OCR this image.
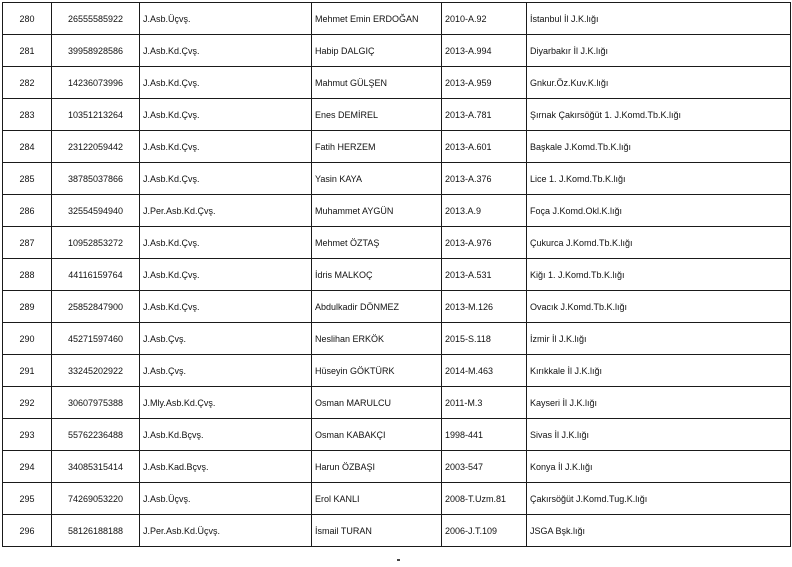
280	26555585922	J.Asb.Üçvş.	Mehmet Emin ERDOĞAN	2010-A.92	İstanbul İl J.K.lığı
281	39958928586	J.Asb.Kd.Çvş.	Habip DALGIÇ	2013-A.994	Diyarbakır İl J.K.lığı
282	14236073996	J.Asb.Kd.Çvş.	Mahmut GÜLŞEN	2013-A.959	Gnkur.Öz.Kuv.K.lığı
283	10351213264	J.Asb.Kd.Çvş.	Enes DEMİREL	2013-A.781	Şırnak Çakırsöğüt 1. J.Komd.Tb.K.lığı
284	23122059442	J.Asb.Kd.Çvş.	Fatih HERZEM	2013-A.601	Başkale J.Komd.Tb.K.lığı
285	38785037866	J.Asb.Kd.Çvş.	Yasin KAYA	2013-A.376	Lice 1. J.Komd.Tb.K.lığı
286	32554594940	J.Per.Asb.Kd.Çvş.	Muhammet AYGÜN	2013.A.9	Foça J.Komd.Okl.K.lığı
287	10952853272	J.Asb.Kd.Çvş.	Mehmet ÖZTAŞ	2013-A.976	Çukurca J.Komd.Tb.K.lığı
288	44116159764	J.Asb.Kd.Çvş.	İdris MALKOÇ	2013-A.531	Kiğı 1. J.Komd.Tb.K.lığı
289	25852847900	J.Asb.Kd.Çvş.	Abdulkadir DÖNMEZ	2013-M.126	Ovacık J.Komd.Tb.K.lığı
290	45271597460	J.Asb.Çvş.	Neslihan ERKÖK	2015-S.118	İzmir İl J.K.lığı
291	33245202922	J.Asb.Çvş.	Hüseyin GÖKTÜRK	2014-M.463	Kırıkkale İl J.K.lığı
292	30607975388	J.Mly.Asb.Kd.Çvş.	Osman MARULCU	2011-M.3	Kayseri İl J.K.lığı
293	55762236488	J.Asb.Kd.Bçvş.	Osman KABAKÇI	1998-441	Sivas İl J.K.lığı
294	34085315414	J.Asb.Kad.Bçvş.	Harun ÖZBAŞI	2003-547	Konya İl J.K.lığı
295	74269053220	J.Asb.Üçvş.	Erol KANLI	2008-T.Uzm.81	Çakırsöğüt J.Komd.Tug.K.lığı
296	58126188188	J.Per.Asb.Kd.Üçvş.	İsmail TURAN	2006-J.T.109	JSGA Bşk.lığı
